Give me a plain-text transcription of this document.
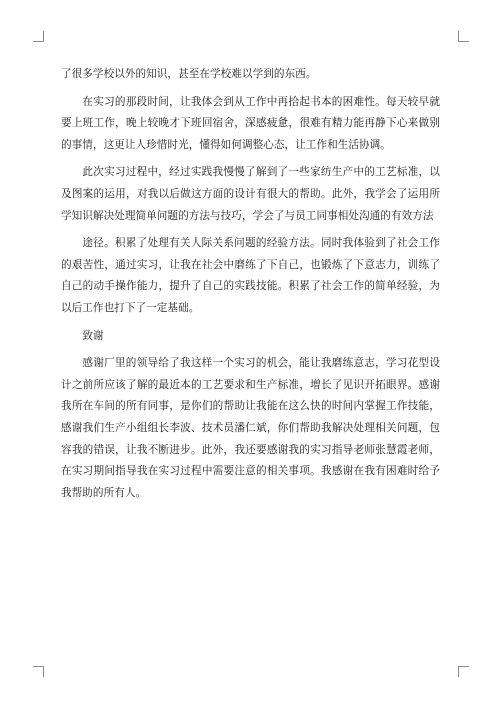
了很多学校以外的知识，甚至在学校难以学到的东西。

在实习的那段时间，让我体会到从工作中再拾起书本的困难性。每天较早就要上班工作，晚上较晚才下班回宿舍，深感疲惫，很难有精力能再静下心来做别的事情，这更让人珍惜时光，懂得如何调整心态，让工作和生活协调。

此次实习过程中，经过实践我慢慢了解到了一些家纺生产中的工艺标准，以及图案的运用，对我以后做这方面的设计有很大的帮助。此外，我学会了运用所学知识解决处理简单问题的方法与技巧，学会了与员工同事相处沟通的有效方法

途径。积累了处理有关人际关系问题的经验方法。同时我体验到了社会工作的艰苦性，通过实习，让我在社会中磨练了下自己，也锻炼了下意志力，训练了自己的动手操作能力，提升了自己的实践技能。积累了社会工作的简单经验，为以后工作也打下了一定基础。

致谢

感谢厂里的领导给了我这样一个实习的机会，能让我磨练意志，学习花型设计之前所应该了解的最近本的工艺要求和生产标准，增长了见识开拓眼界。感谢我所在车间的所有同事，是你们的帮助让我能在这么快的时间内掌握工作技能，感谢我们生产小组组长李波、技术员潘仁斌，你们帮助我解决处理相关问题，包容我的错误，让我不断进步。此外，我还要感谢我的实习指导老师张慧霞老师，在实习期间指导我在实习过程中需要注意的相关事项。我感谢在我有困难时给予我帮助的所有人。
